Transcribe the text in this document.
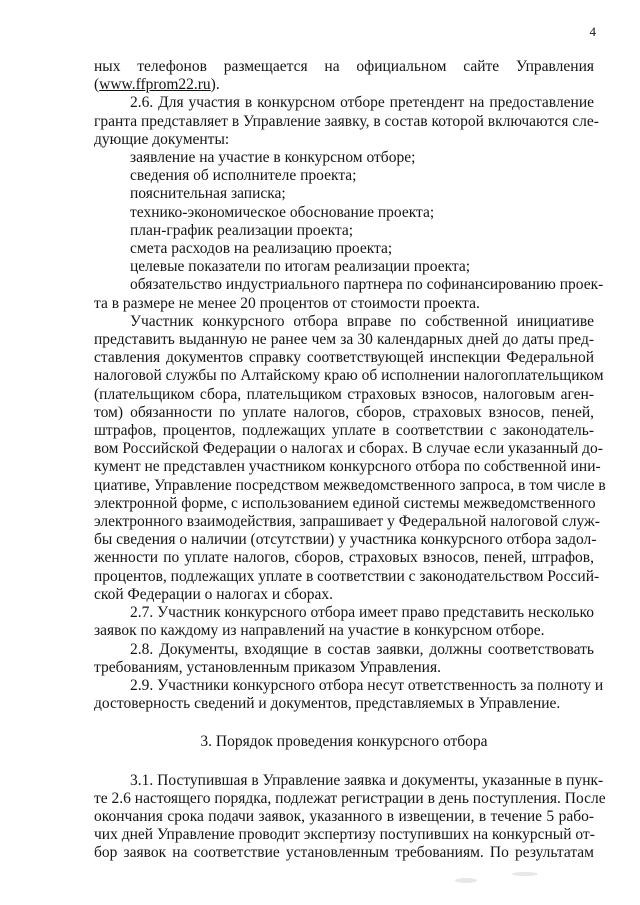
4
ных телефонов размещается на официальном сайте Управления
(www.ffprom22.ru).
2.6. Для участия в конкурсном отборе претендент на предоставление
гранта представляет в Управление заявку, в состав которой включаются сле-
дующие документы:
заявление на участие в конкурсном отборе;
сведения об исполнителе проекта;
пояснительная записка;
технико-экономическое обоснование проекта;
план-график реализации проекта;
смета расходов на реализацию проекта;
целевые показатели по итогам реализации проекта;
обязательство индустриального партнера по софинансированию проек-
та в размере не менее 20 процентов от стоимости проекта.
Участник конкурсного отбора вправе по собственной инициативе
представить выданную не ранее чем за 30 календарных дней до даты пред-
ставления документов справку соответствующей инспекции Федеральной
налоговой службы по Алтайскому краю об исполнении налогоплательщиком
(плательщиком сбора, плательщиком страховых взносов, налоговым аген-
том) обязанности по уплате налогов, сборов, страховых взносов, пеней,
штрафов, процентов, подлежащих уплате в соответствии с законодатель-
вом Российской Федерации о налогах и сборах. В случае если указанный до-
кумент не представлен участником конкурсного отбора по собственной ини-
циативе, Управление посредством межведомственного запроса, в том числе в
электронной форме, с использованием единой системы межведомственного
электронного взаимодействия, запрашивает у Федеральной налоговой служ-
бы сведения о наличии (отсутствии) у участника конкурсного отбора задол-
женности по уплате налогов, сборов, страховых взносов, пеней, штрафов,
процентов, подлежащих уплате в соответствии с законодательством Россий-
ской Федерации о налогах и сборах.
2.7. Участник конкурсного отбора имеет право представить несколько
заявок по каждому из направлений на участие в конкурсном отборе.
2.8. Документы, входящие в состав заявки, должны соответствовать
требованиям, установленным приказом Управления.
2.9. Участники конкурсного отбора несут ответственность за полноту и
достоверность сведений и документов, представляемых в Управление.
3. Порядок проведения конкурсного отбора
3.1. Поступившая в Управление заявка и документы, указанные в пунк-
те 2.6 настоящего порядка, подлежат регистрации в день поступления. После
окончания срока подачи заявок, указанного в извещении, в течение 5 рабо-
чих дней Управление проводит экспертизу поступивших на конкурсный от-
бор заявок на соответствие установленным требованиям. По результатам
